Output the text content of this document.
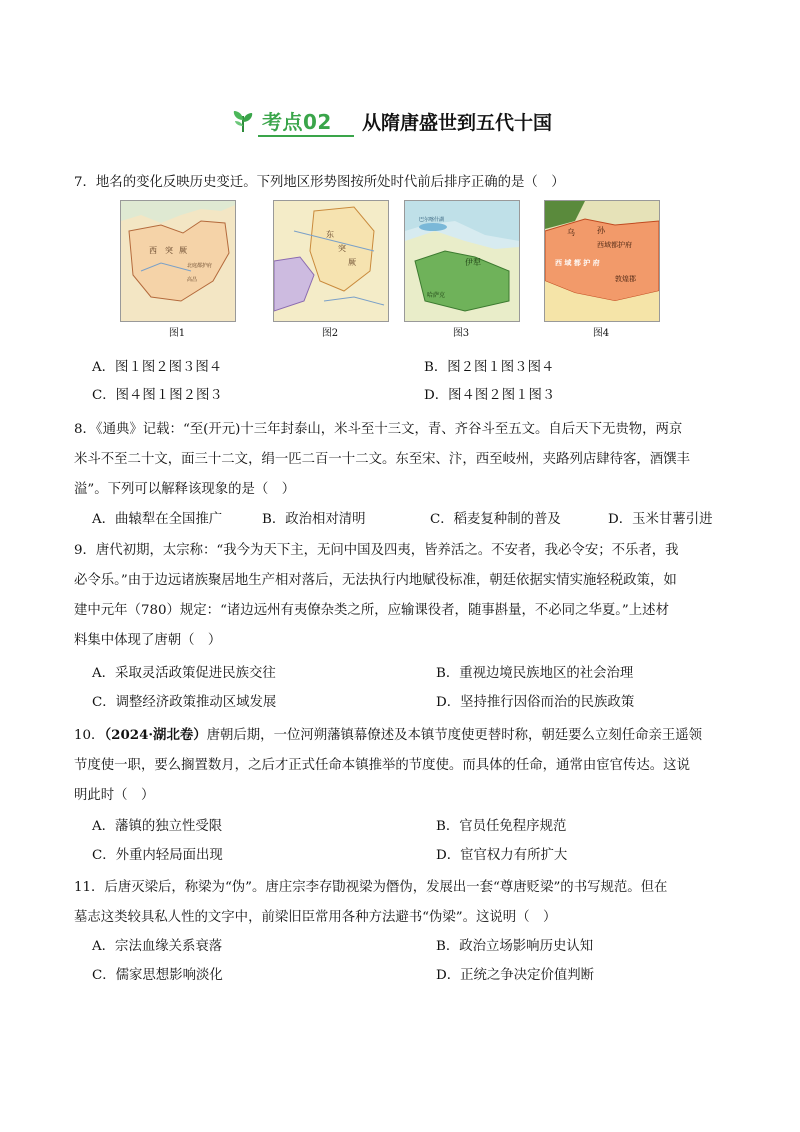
考点02 从隋唐盛世到五代十国

7．地名的变化反映历史变迁。下列地区形势图按所处时代前后排序正确的是（　）

西 突 厥
北庭都护府
高昌
图1
东
突
厥
图2
巴尔喀什湖
伊犁
哈萨克
图3
乌	孙
西域都护府
西 域 都 护 府
敦煌郡
图4
A．图１图２图３图４	B．图２图１图３图４
C．图４图１图２图３	D．图４图２图１图３

8．《通典》记载：“至(开元)十三年封泰山，米斗至十三文，青、齐谷斗至五文。自后天下无贵物，两京

米斗不至二十文，面三十二文，绢一匹二百一十二文。东至宋、汴，西至岐州，夹路列店肆待客，酒馔丰

溢”。下列可以解释该现象的是（　）

A．曲辕犁在全国推广	B．政治相对清明	C．稻麦复种制的普及	D．玉米甘薯引进

9．唐代初期，太宗称：“我今为天下主，无问中国及四夷，皆养活之。不安者，我必令安；不乐者，我

必令乐。”由于边远诸族聚居地生产相对落后，无法执行内地赋役标准，朝廷依据实情实施轻税政策，如

建中元年（780）规定：“诸边远州有夷僚杂类之所，应输课役者，随事斟量，不必同之华夏。”上述材

料集中体现了唐朝（　）

A．采取灵活政策促进民族交往	B．重视边境民族地区的社会治理
C．调整经济政策推动区域发展	D．坚持推行因俗而治的民族政策

10．（2024·湖北卷）唐朝后期，一位河朔藩镇幕僚述及本镇节度使更替时称，朝廷要么立刻任命亲王遥领

节度使一职，要么搁置数月，之后才正式任命本镇推举的节度使。而具体的任命，通常由宦官传达。这说

明此时（　）

A．藩镇的独立性受限	B．官员任免程序规范
C．外重内轻局面出现	D．宦官权力有所扩大

11．后唐灭梁后，称梁为“伪”。唐庄宗李存勖视梁为僭伪，发展出一套“尊唐贬梁”的书写规范。但在

墓志这类较具私人性的文字中，前梁旧臣常用各种方法避书“伪梁”。这说明（　）

A．宗法血缘关系衰落	B．政治立场影响历史认知
C．儒家思想影响淡化	D．正统之争决定价值判断
